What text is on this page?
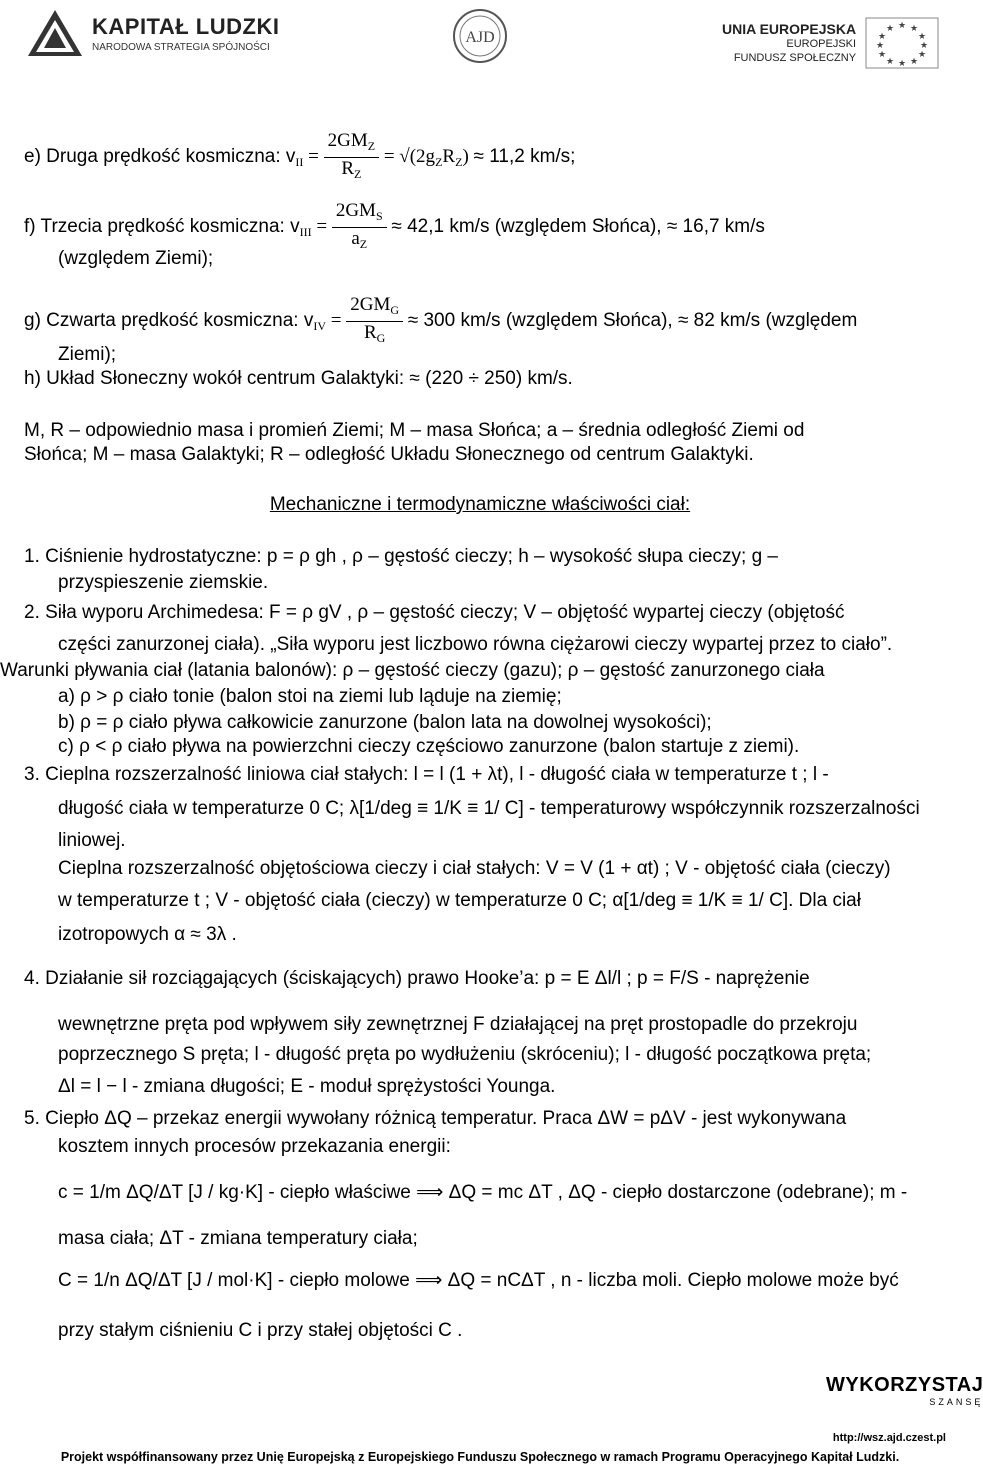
KAPITAŁ LUDZKI
NARODOWA STRATEGIA SPÓJNOŚCI
AJD	UNIA EUROPEJSKA
EUROPEJSKI
FUNDUSZ SPOŁECZNY
★ ★
★
★
★
★
★
★
★
★
★
★
e) Druga prędkość kosmiczna: $v_{II} = 2GM_Z$
$R_Z = √(2g_ZR_Z) \approx 11,2$ km/s;
f) Trzecia prędkość kosmiczna: $v_{III} = 2GM_S$
$a_Z \approx 42,1$ km/s (względem Słońca), ≈ 16,7 km/s
(względem Ziemi);
g) Czwarta prędkość kosmiczna: $v_{IV} = 2GM_G$
$R_G \approx 300$ km/s (względem Słońca), ≈ 82 km/s (względem
Ziemi);
h) Układ Słoneczny wokół centrum Galaktyki: ≈ (220 ÷ 250) km/s.
M, R – odpowiednio masa i promień Ziemi; M – masa Słońca; a – średnia odległość Ziemi od
Słońca; M – masa Galaktyki; R – odległość Układu Słonecznego od centrum Galaktyki.
Mechaniczne i termodynamiczne właściwości ciał:
1. Ciśnienie hydrostatyczne: p = ρ gh , ρ – gęstość cieczy; h – wysokość słupa cieczy; g –
przyspieszenie ziemskie.
2. Siła wyporu Archimedesa: F = ρ gV , ρ – gęstość cieczy; V – objętość wypartej cieczy (objętość
części zanurzonej ciała). „Siła wyporu jest liczbowo równa ciężarowi cieczy wypartej przez to ciało”.
Warunki pływania ciał (latania balonów): ρ – gęstość cieczy (gazu); ρ – gęstość zanurzonego ciała
a) ρ > ρ ciało tonie (balon stoi na ziemi lub ląduje na ziemię;
b) ρ = ρ ciało pływa całkowicie zanurzone (balon lata na dowolnej wysokości);
c) ρ < ρ ciało pływa na powierzchni cieczy częściowo zanurzone (balon startuje z ziemi).
3. Cieplna rozszerzalność liniowa ciał stałych: l = l (1 + λt), l - długość ciała w temperaturze t ; l -
długość ciała w temperaturze 0 C; λ[1/deg ≡ 1/K ≡ 1/ C] - temperaturowy współczynnik rozszerzalności
liniowej.
Cieplna rozszerzalność objętościowa cieczy i ciał stałych: V = V (1 + αt) ; V - objętość ciała (cieczy)
w temperaturze t ; V - objętość ciała (cieczy) w temperaturze 0 C; α[1/deg ≡ 1/K ≡ 1/ C]. Dla ciał
izotropowych α ≈ 3λ .
4. Działanie sił rozciągających (ściskających) prawo Hooke’a: p = E Δl/l ; p = F/S - naprężenie
wewnętrzne pręta pod wpływem siły zewnętrznej F działającej na pręt prostopadle do przekroju
poprzecznego S pręta; l - długość pręta po wydłużeniu (skróceniu); l - długość początkowa pręta;
Δl = l − l - zmiana długości; E - moduł sprężystości Younga.
5. Ciepło ΔQ – przekaz energii wywołany różnicą temperatur. Praca ΔW = pΔV - jest wykonywana
kosztem innych procesów przekazania energii:
c = 1/m ΔQ/ΔT [J / kg·K] - ciepło właściwe ⟹ ΔQ = mc ΔT , ΔQ - ciepło dostarczone (odebrane); m -
masa ciała; ΔT - zmiana temperatury ciała;
C = 1/n ΔQ/ΔT [J / mol·K] - ciepło molowe ⟹ ΔQ = nCΔT , n - liczba moli. Ciepło molowe może być
przy stałym ciśnieniu C i przy stałej objętości C .
WYKORZYSTAJ
SZANSĘ
http://wsz.ajd.czest.pl
Projekt współfinansowany przez Unię Europejską z Europejskiego Funduszu Społecznego w ramach Programu Operacyjnego Kapitał Ludzki.
